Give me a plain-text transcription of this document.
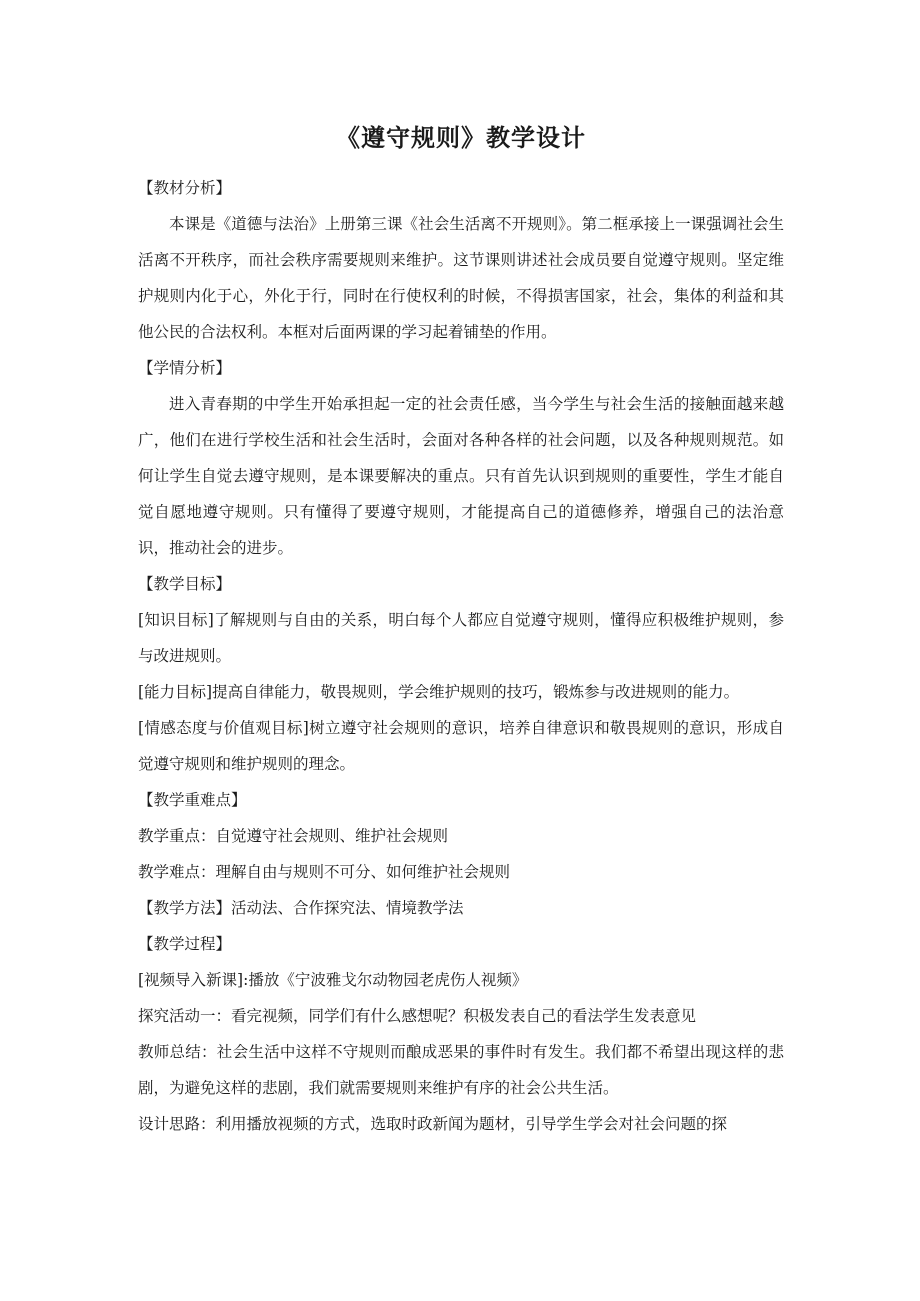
《遵守规则》教学设计

【教材分析】

本课是《道德与法治》上册第三课《社会生活离不开规则》。第二框承接上一课强调社会生活离不开秩序，而社会秩序需要规则来维护。这节课则讲述社会成员要自觉遵守规则。坚定维护规则内化于心，外化于行，同时在行使权利的时候，不得损害国家，社会，集体的利益和其他公民的合法权利。本框对后面两课的学习起着铺垫的作用。

【学情分析】

进入青春期的中学生开始承担起一定的社会责任感，当今学生与社会生活的接触面越来越广，他们在进行学校生活和社会生活时，会面对各种各样的社会问题，以及各种规则规范。如何让学生自觉去遵守规则，是本课要解决的重点。只有首先认识到规则的重要性，学生才能自觉自愿地遵守规则。只有懂得了要遵守规则，才能提高自己的道德修养，增强自己的法治意识，推动社会的进步。

【教学目标】

[知识目标]了解规则与自由的关系，明白每个人都应自觉遵守规则，懂得应积极维护规则，参与改进规则。

[能力目标]提高自律能力，敬畏规则，学会维护规则的技巧，锻炼参与改进规则的能力。

[情感态度与价值观目标]树立遵守社会规则的意识，培养自律意识和敬畏规则的意识，形成自觉遵守规则和维护规则的理念。

【教学重难点】

教学重点：自觉遵守社会规则、维护社会规则

教学难点：理解自由与规则不可分、如何维护社会规则

【教学方法】活动法、合作探究法、情境教学法

【教学过程】

[视频导入新课]:播放《宁波雅戈尔动物园老虎伤人视频》

探究活动一：看完视频，同学们有什么感想呢？积极发表自己的看法学生发表意见

教师总结：社会生活中这样不守规则而酿成恶果的事件时有发生。我们都不希望出现这样的悲剧，为避免这样的悲剧，我们就需要规则来维护有序的社会公共生活。

设计思路：利用播放视频的方式，选取时政新闻为题材，引导学生学会对社会问题的探
